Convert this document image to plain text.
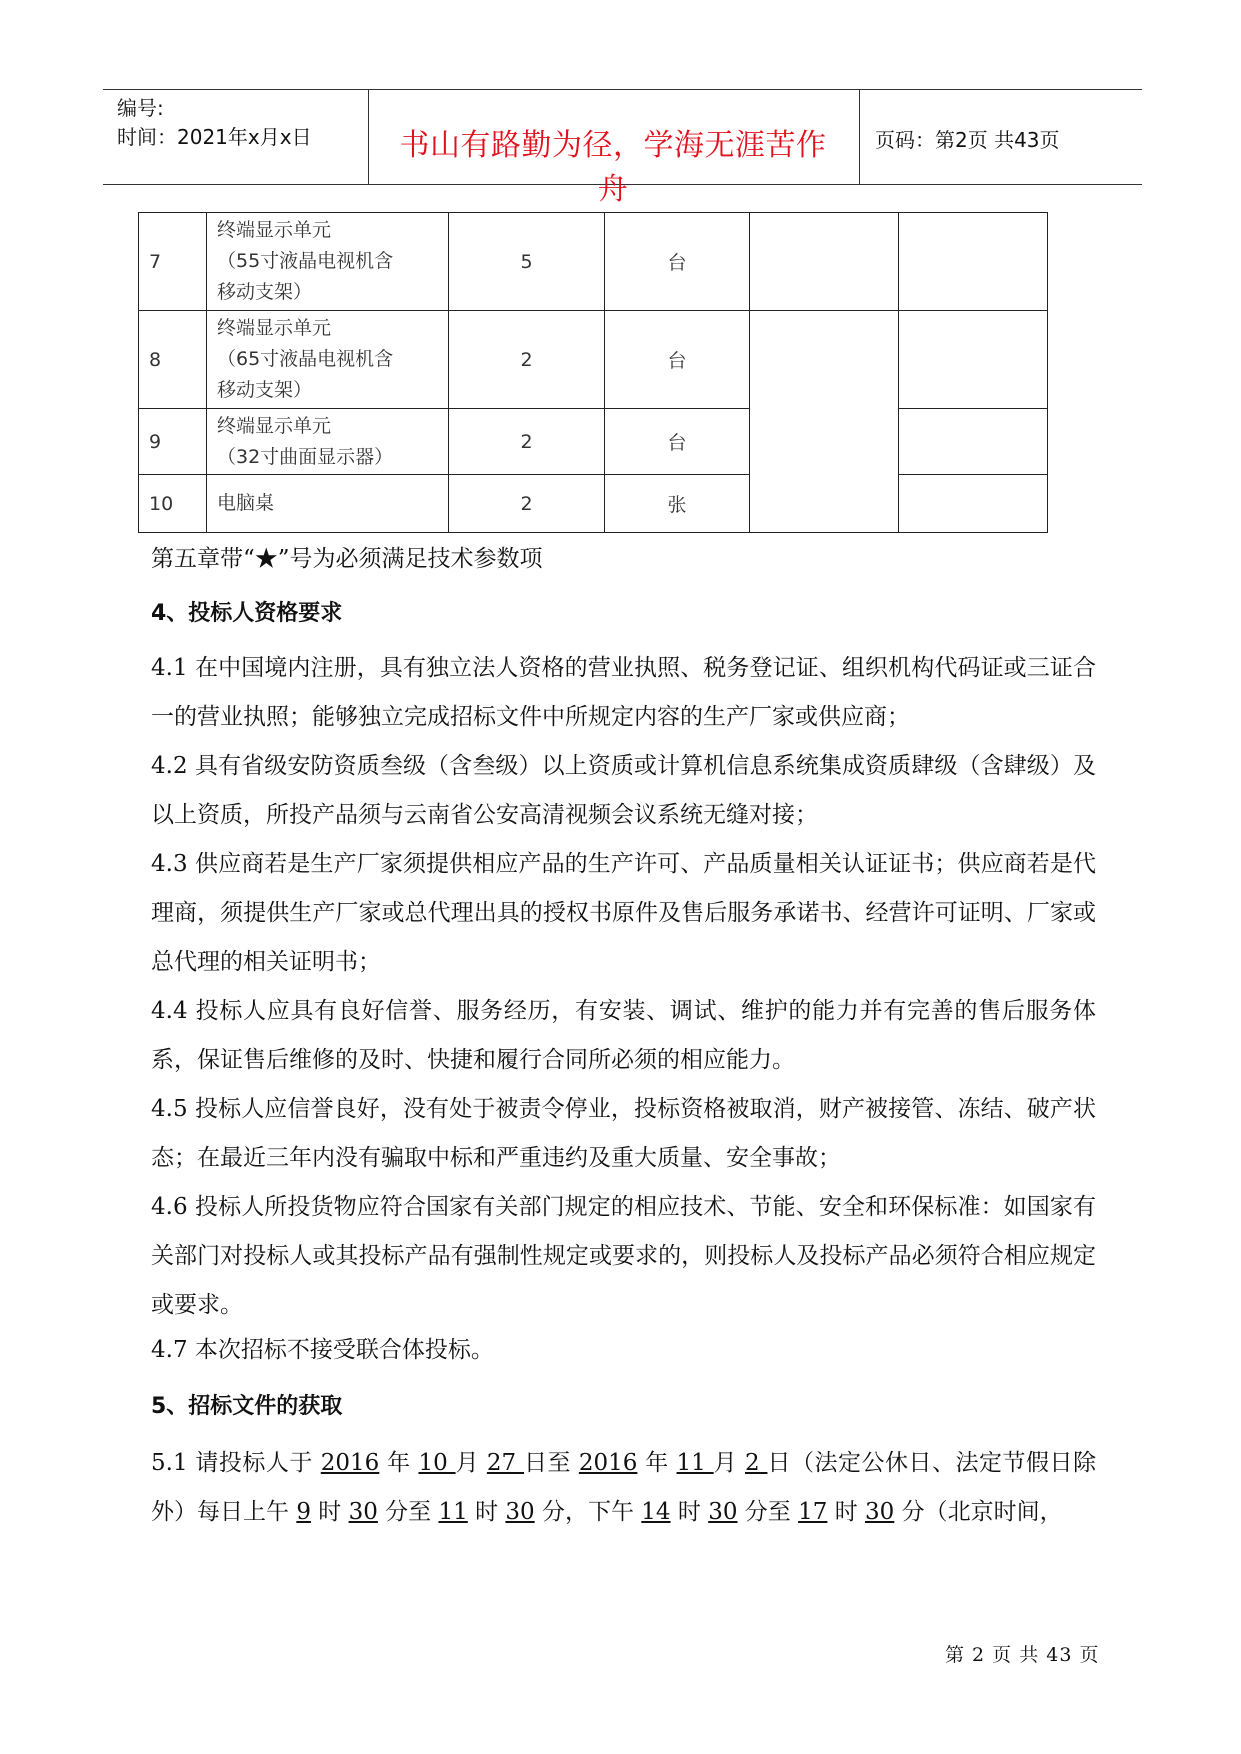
编号:
时间：2021年x月x日	书山有路勤为径，学海无涯苦作舟
页码：第2页 共43页
7	终端显示单元
（55寸液晶电视机含
移动支架）	5	台		
8	终端显示单元
（65寸液晶电视机含
移动支架）	2	台		
9	终端显示单元
（32寸曲面显示器）	2	台		
10	电脑桌	2	张		

第五章带“★”号为必须满足技术参数项

4、投标人资格要求

4.1 在中国境内注册，具有独立法人资格的营业执照、税务登记证、组织机构代码证或三证合一的营业执照；能够独立完成招标文件中所规定内容的生产厂家或供应商；

4.2 具有省级安防资质叁级（含叁级）以上资质或计算机信息系统集成资质肆级（含肆级）及以上资质，所投产品须与云南省公安高清视频会议系统无缝对接；

4.3 供应商若是生产厂家须提供相应产品的生产许可、产品质量相关认证证书；供应商若是代理商，须提供生产厂家或总代理出具的授权书原件及售后服务承诺书、经营许可证明、厂家或总代理的相关证明书；

4.4 投标人应具有良好信誉、服务经历，有安装、调试、维护的能力并有完善的售后服务体系，保证售后维修的及时、快捷和履行合同所必须的相应能力。

4.5 投标人应信誉良好，没有处于被责令停业，投标资格被取消，财产被接管、冻结、破产状态；在最近三年内没有骗取中标和严重违约及重大质量、安全事故；

4.6 投标人所投货物应符合国家有关部门规定的相应技术、节能、安全和环保标准：如国家有关部门对投标人或其投标产品有强制性规定或要求的，则投标人及投标产品必须符合相应规定或要求。

4.7 本次招标不接受联合体投标。

5、招标文件的获取

5.1 请投标人于 2016 年 10 月 27 日至 2016 年 11 月 2 日（法定公休日、法定节假日除外）每日上午 9 时 30 分至 11 时 30 分，下午 14 时 30 分至 17 时 30 分（北京时间，

第 2 页 共 43 页
